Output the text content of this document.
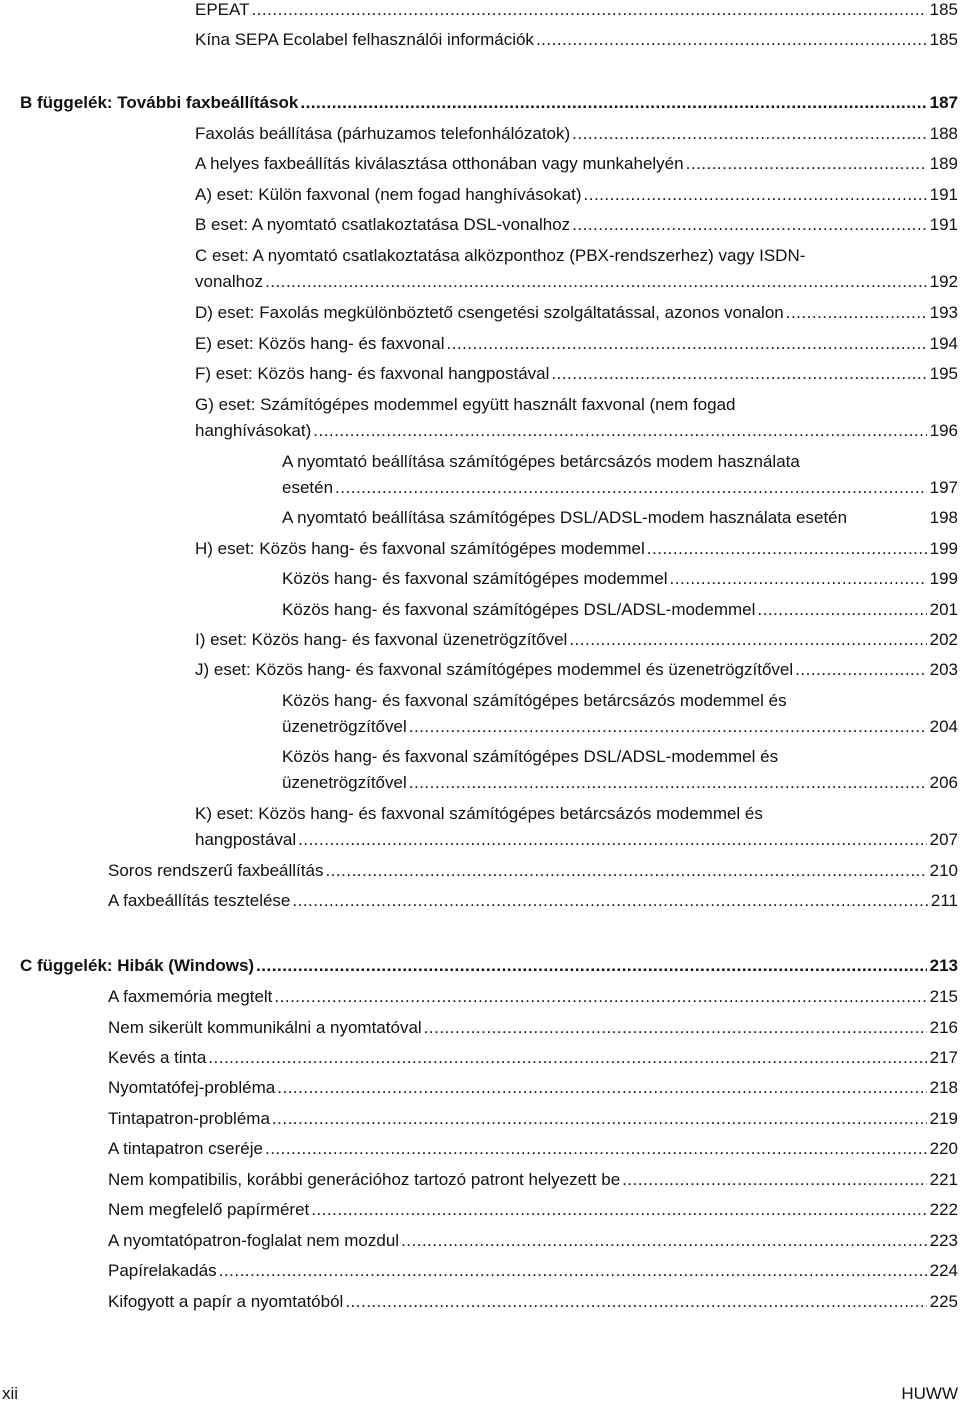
EPEAT .....	185
Kína SEPA Ecolabel felhasználói információk .....	185
B függelék: További faxbeállítások .....	187
Faxolás beállítása (párhuzamos telefonhálózatok) .....	188
A helyes faxbeállítás kiválasztása otthonában vagy munkahelyén .....	189
A) eset: Külön faxvonal (nem fogad hanghívásokat) .....	191
B eset: A nyomtató csatlakoztatása DSL-vonalhoz .....	191
C eset: A nyomtató csatlakoztatása alközponthoz (PBX-rendszerhez) vagy ISDN-
vonalhoz .....	192
D) eset: Faxolás megkülönböztető csengetési szolgáltatással, azonos vonalon .....	193
E) eset: Közös hang- és faxvonal .....	194
F) eset: Közös hang- és faxvonal hangpostával .....	195
G) eset: Számítógépes modemmel együtt használt faxvonal (nem fogad
hanghívásokat) .....	196
A nyomtató beállítása számítógépes betárcsázós modem használata
esetén .....	197
A nyomtató beállítása számítógépes DSL/ADSL-modem használata esetén	198
H) eset: Közös hang- és faxvonal számítógépes modemmel .....	199
Közös hang- és faxvonal számítógépes modemmel .....	199
Közös hang- és faxvonal számítógépes DSL/ADSL-modemmel .....	201
I) eset: Közös hang- és faxvonal üzenetrögzítővel .....	202
J) eset: Közös hang- és faxvonal számítógépes modemmel és üzenetrögzítővel .....	203
Közös hang- és faxvonal számítógépes betárcsázós modemmel és
üzenetrögzítővel .....	204
Közös hang- és faxvonal számítógépes DSL/ADSL-modemmel és
üzenetrögzítővel .....	206
K) eset: Közös hang- és faxvonal számítógépes betárcsázós modemmel és
hangpostával .....	207
Soros rendszerű faxbeállítás .....	210
A faxbeállítás tesztelése .....	211
C függelék: Hibák (Windows) .....	213
A faxmemória megtelt .....	215
Nem sikerült kommunikálni a nyomtatóval .....	216
Kevés a tinta .....	217
Nyomtatófej-probléma .....	218
Tintapatron-probléma .....	219
A tintapatron cseréje .....	220
Nem kompatibilis, korábbi generációhoz tartozó patront helyezett be .....	221
Nem megfelelő papírméret .....	222
A nyomtatópatron-foglalat nem mozdul .....	223
Papírelakadás .....	224
Kifogyott a papír a nyomtatóból .....	225
xii	HUWW
